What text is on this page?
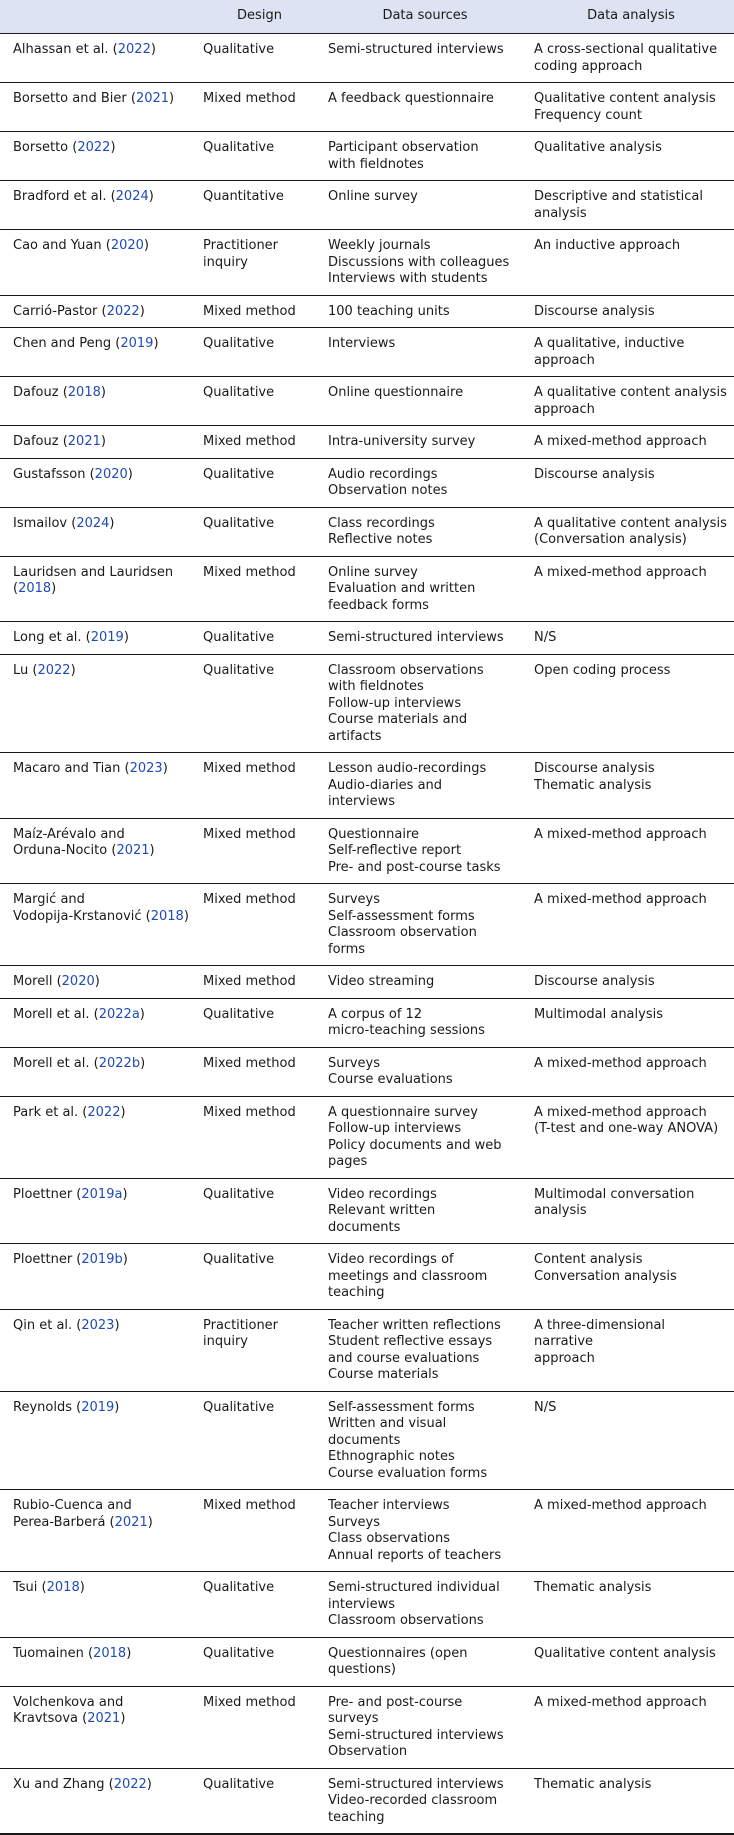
	Design	Data sources	Data analysis
Alhassan et al. (2022)	Qualitative	Semi-structured interviews	A cross-sectional qualitative
coding approach

Borsetto and Bier (2021)	Mixed method	A feedback questionnaire	Qualitative content analysis
Frequency count

Borsetto (2022)	Qualitative	Participant observation
with fieldnotes	Qualitative analysis

Bradford et al. (2024)	Quantitative	Online survey	Descriptive and statistical
analysis

Cao and Yuan (2020)	Practitioner
inquiry	Weekly journals
Discussions with colleagues
Interviews with students	An inductive approach

Carrió-Pastor (2022)	Mixed method	100 teaching units	Discourse analysis

Chen and Peng (2019)	Qualitative	Interviews	A qualitative, inductive
approach

Dafouz (2018)	Qualitative	Online questionnaire	A qualitative content analysis
approach

Dafouz (2021)	Mixed method	Intra-university survey	A mixed-method approach

Gustafsson (2020)	Qualitative	Audio recordings
Observation notes	Discourse analysis

Ismailov (2024)	Qualitative	Class recordings
Reflective notes	A qualitative content analysis
(Conversation analysis)

Lauridsen and Lauridsen
(2018)	Mixed method	Online survey
Evaluation and written
feedback forms	A mixed-method approach

Long et al. (2019)	Qualitative	Semi-structured interviews	N/S

Lu (2022)	Qualitative	Classroom observations
with fieldnotes
Follow-up interviews
Course materials and
artifacts	Open coding process

Macaro and Tian (2023)	Mixed method	Lesson audio-recordings
Audio-diaries and
interviews	Discourse analysis
Thematic analysis

Maíz-Arévalo and
Orduna-Nocito (2021)	Mixed method	Questionnaire
Self-reflective report
Pre- and post-course tasks	A mixed-method approach

Margić and
Vodopija-Krstanović (2018)	Mixed method	Surveys
Self-assessment forms
Classroom observation
forms	A mixed-method approach

Morell (2020)	Mixed method	Video streaming	Discourse analysis

Morell et al. (2022a)	Qualitative	A corpus of 12
micro-teaching sessions	Multimodal analysis

Morell et al. (2022b)	Mixed method	Surveys
Course evaluations	A mixed-method approach

Park et al. (2022)	Mixed method	A questionnaire survey
Follow-up interviews
Policy documents and web
pages	A mixed-method approach
(T-test and one-way ANOVA)

Ploettner (2019a)	Qualitative	Video recordings
Relevant written
documents	Multimodal conversation
analysis

Ploettner (2019b)	Qualitative	Video recordings of
meetings and classroom
teaching	Content analysis
Conversation analysis

Qin et al. (2023)	Practitioner
inquiry	Teacher written reflections
Student reflective essays
and course evaluations
Course materials	A three-dimensional narrative
approach

Reynolds (2019)	Qualitative	Self-assessment forms
Written and visual
documents
Ethnographic notes
Course evaluation forms	N/S

Rubio-Cuenca and
Perea-Barberá (2021)	Mixed method	Teacher interviews
Surveys
Class observations
Annual reports of teachers	A mixed-method approach

Tsui (2018)	Qualitative	Semi-structured individual
interviews
Classroom observations	Thematic analysis

Tuomainen (2018)	Qualitative	Questionnaires (open
questions)	Qualitative content analysis

Volchenkova and
Kravtsova (2021)	Mixed method	Pre- and post-course
surveys
Semi-structured interviews
Observation	A mixed-method approach

Xu and Zhang (2022)	Qualitative	Semi-structured interviews
Video-recorded classroom
teaching	Thematic analysis
